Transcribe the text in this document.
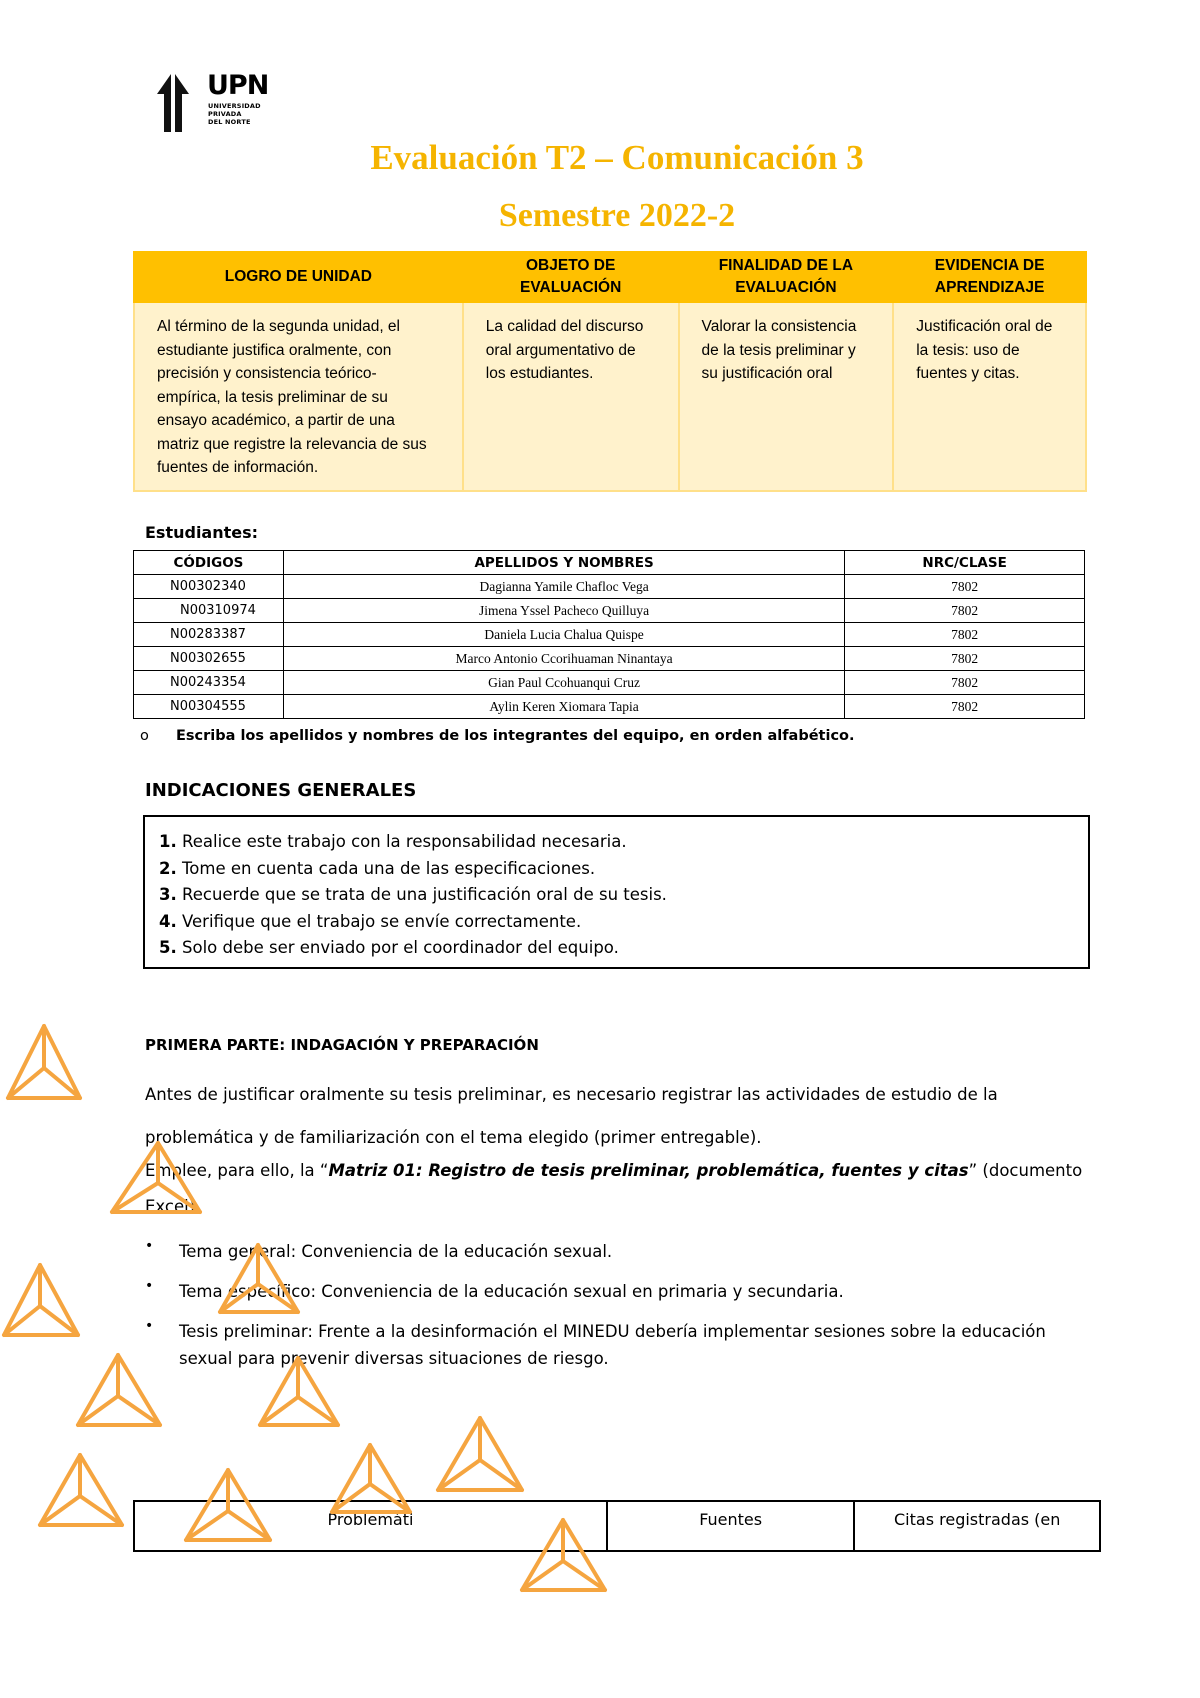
UPN
UNIVERSIDAD
PRIVADA
DEL NORTE
Evaluación T2 – Comunicación 3
Semestre 2022-2
LOGRO DE UNIDAD	OBJETO DE EVALUACIÓN	FINALIDAD DE LA EVALUACIÓN	EVIDENCIA DE APRENDIZAJE

Al término de la segunda unidad, el estudiante justifica oralmente, con precisión y consistencia teórico-empírica, la tesis preliminar de su ensayo académico, a partir de una matriz que registre la relevancia de sus fuentes de información.	La calidad del discurso oral argumentativo de los estudiantes.	Valorar la consistencia de la tesis preliminar y su justificación oral	Justificación oral de la tesis: uso de fuentes y citas.
Estudiantes:
CÓDIGOS	APELLIDOS Y NOMBRES	NRC/CLASE
N00302340	Dagianna Yamile Chafloc Vega	7802
N00310974	Jimena Yssel Pacheco Quilluya	7802
N00283387	Daniela Lucia Chalua Quispe	7802
N00302655	Marco Antonio Ccorihuaman Ninantaya	7802
N00243354	Gian Paul Ccohuanqui Cruz	7802
N00304555	Aylin Keren Xiomara Tapia	7802
o Escriba los apellidos y nombres de los integrantes del equipo, en orden alfabético.
INDICACIONES GENERALES
1. Realice este trabajo con la responsabilidad necesaria.
2. Tome en cuenta cada una de las especificaciones.
3. Recuerde que se trata de una justificación oral de su tesis.
4. Verifique que el trabajo se envíe correctamente.
5. Solo debe ser enviado por el coordinador del equipo.
PRIMERA PARTE: INDAGACIÓN Y PREPARACIÓN
Antes de justificar oralmente su tesis preliminar, es necesario registrar las actividades de estudio de la problemática y de familiarización con el tema elegido (primer entregable).
Emplee, para ello, la “Matriz 01: Registro de tesis preliminar, problemática, fuentes y citas” (documento Excel).
• Tema general: Conveniencia de la educación sexual.
• Tema específico: Conveniencia de la educación sexual en primaria y secundaria.
• Tesis preliminar: Frente a la desinformación el MINEDU debería implementar sesiones sobre la educación sexual para prevenir diversas situaciones de riesgo.
Problemáti	Fuentes	Citas registradas (en
